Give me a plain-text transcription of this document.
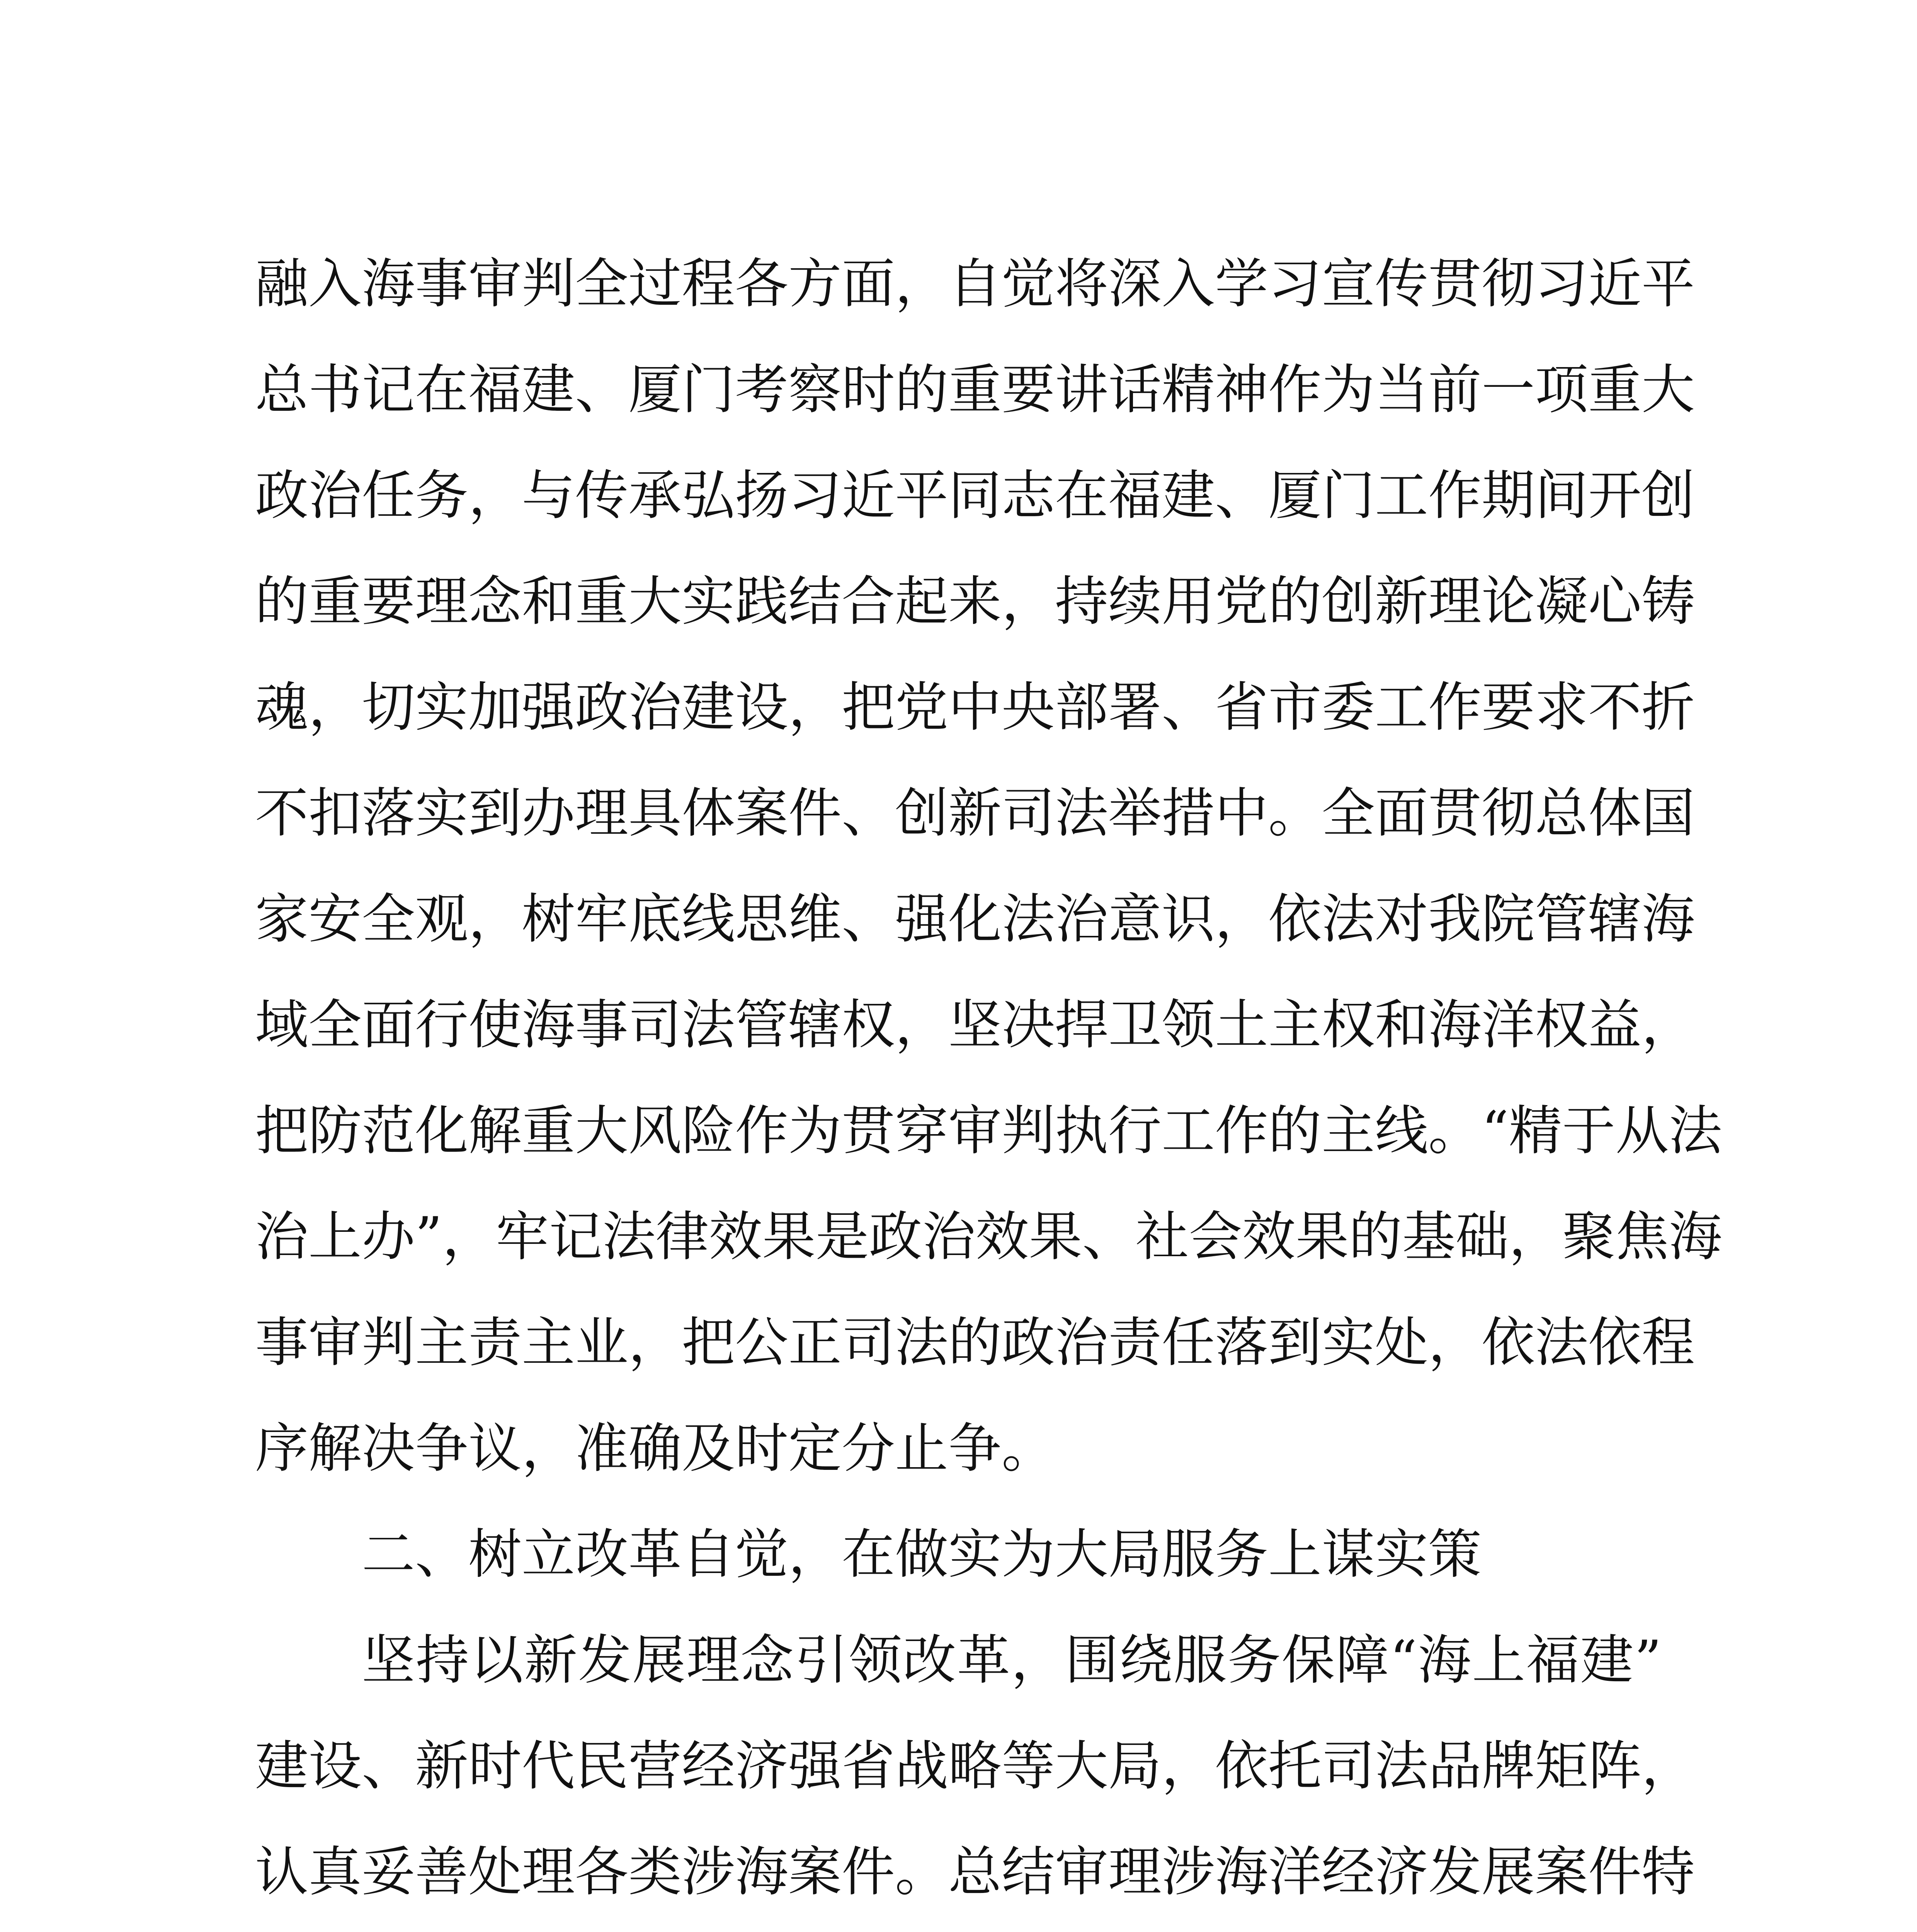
融入海事审判全过程各方面，自觉将深入学习宣传贯彻习近平
总书记在福建、厦门考察时的重要讲话精神作为当前一项重大
政治任务，与传承弘扬习近平同志在福建、厦门工作期间开创
的重要理念和重大实践结合起来，持续用党的创新理论凝心铸
魂，切实加强政治建设，把党中央部署、省市委工作要求不折
不扣落实到办理具体案件、创新司法举措中。全面贯彻总体国
家安全观，树牢底线思维、强化法治意识，依法对我院管辖海
域全面行使海事司法管辖权，坚决捍卫领土主权和海洋权益，
把防范化解重大风险作为贯穿审判执行工作的主线。“精于从法
治上办”，牢记法律效果是政治效果、社会效果的基础，聚焦海
事审判主责主业，把公正司法的政治责任落到实处，依法依程
序解决争议，准确及时定分止争。
二、树立改革自觉，在做实为大局服务上谋实策
坚持以新发展理念引领改革，围绕服务保障“海上福建”
建设、新时代民营经济强省战略等大局，依托司法品牌矩阵，
认真妥善处理各类涉海案件。总结审理涉海洋经济发展案件特
